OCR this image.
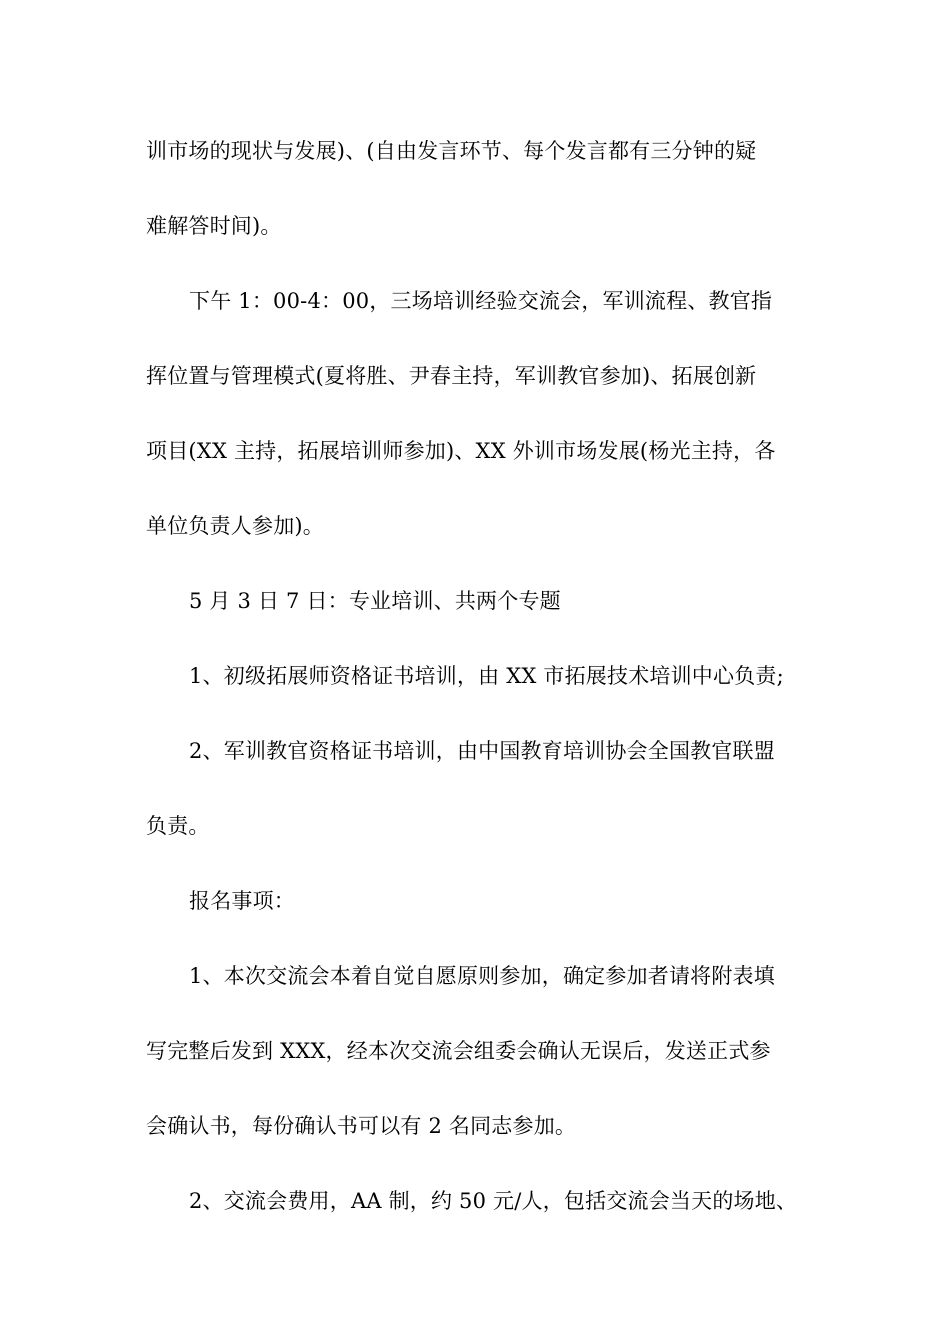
训市场的现状与发展)、(自由发言环节、每个发言都有三分钟的疑
难解答时间)。
下午 1：00-4：00，三场培训经验交流会，军训流程、教官指
挥位置与管理模式(夏将胜、尹春主持，军训教官参加)、拓展创新
项目(XX 主持，拓展培训师参加)、XX 外训市场发展(杨光主持，各
单位负责人参加)。
5 月 3 日 7 日：专业培训、共两个专题
1、初级拓展师资格证书培训，由 XX 市拓展技术培训中心负责;
2、军训教官资格证书培训，由中国教育培训协会全国教官联盟
负责。
报名事项：
1、本次交流会本着自觉自愿原则参加，确定参加者请将附表填
写完整后发到 XXX，经本次交流会组委会确认无误后，发送正式参
会确认书，每份确认书可以有 2 名同志参加。
2、交流会费用，AA 制，约 50 元/人，包括交流会当天的场地、
